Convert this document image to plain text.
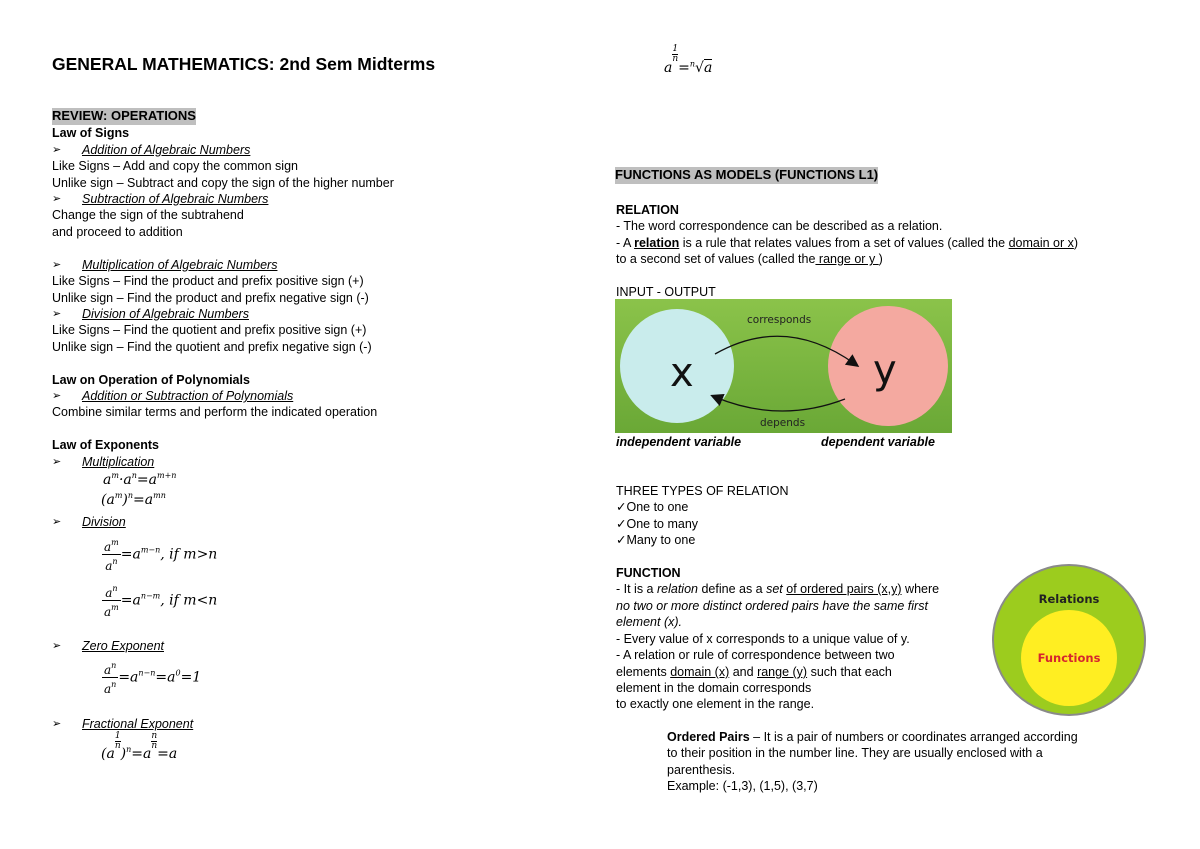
GENERAL MATHEMATICS: 2nd Sem Midterms	a
$\frac{1}{n}$
=$^n$√a
REVIEW: OPERATIONS
Law of Signs
➢ Addition of Algebraic Numbers
Like Signs – Add and copy the common sign
Unlike sign – Subtract and copy the sign of the higher number
➢ Subtraction of Algebraic Numbers
Change the sign of the subtrahend
and proceed to addition
➢ Multiplication of Algebraic Numbers
Like Signs – Find the product and prefix positive sign (+)
Unlike sign – Find the product and prefix negative sign (-)
➢ Division of Algebraic Numbers
Like Signs – Find the quotient and prefix positive sign (+)
Unlike sign – Find the quotient and prefix negative sign (-)
Law on Operation of Polynomials
➢ Addition or Subtraction of Polynomials
Combine similar terms and perform the indicated operation
Law of Exponents
➢ Multiplication
$a^m\cdot a^n=a^{m+n}$
$(a^m)^n=a^{mn}$
➢ Division
$\frac{a^m}{a^n} =a^{m-n}$, if m>n
$\frac{a^n}{a^m} =a^{n-m}$, if m<n
➢ Zero Exponent
$\frac{a^n}{a^n} =a^{n-n}=a^0=1$
➢ Fractional Exponent
(a
$\frac{1}{n}$
)$^n$=a
$\frac{n}{n}$
=a
FUNCTIONS AS MODELS (FUNCTIONS L1)
RELATION
- The word correspondence can be described as a relation.
- A relation is a rule that relates values from a set of values (called the domain or x)
to a second set of values (called the range or y )
INPUT - OUTPUT
x	y
corresponds
depends
independent variable	dependent variable
THREE TYPES OF RELATION
✓One to one
✓One to many
✓Many to one
FUNCTION
- It is a relation define as a set of ordered pairs (x,y) where
no two or more distinct ordered pairs have the same first
element (x).
- Every value of x corresponds to a unique value of y.
- A relation or rule of correspondence between two
elements domain (x) and range (y) such that each
element in the domain corresponds
to exactly one element in the range.
Relations
Functions
Ordered Pairs – It is a pair of numbers or coordinates arranged according
to their position in the number line. They are usually enclosed with a
parenthesis.
Example: (-1,3), (1,5), (3,7)
